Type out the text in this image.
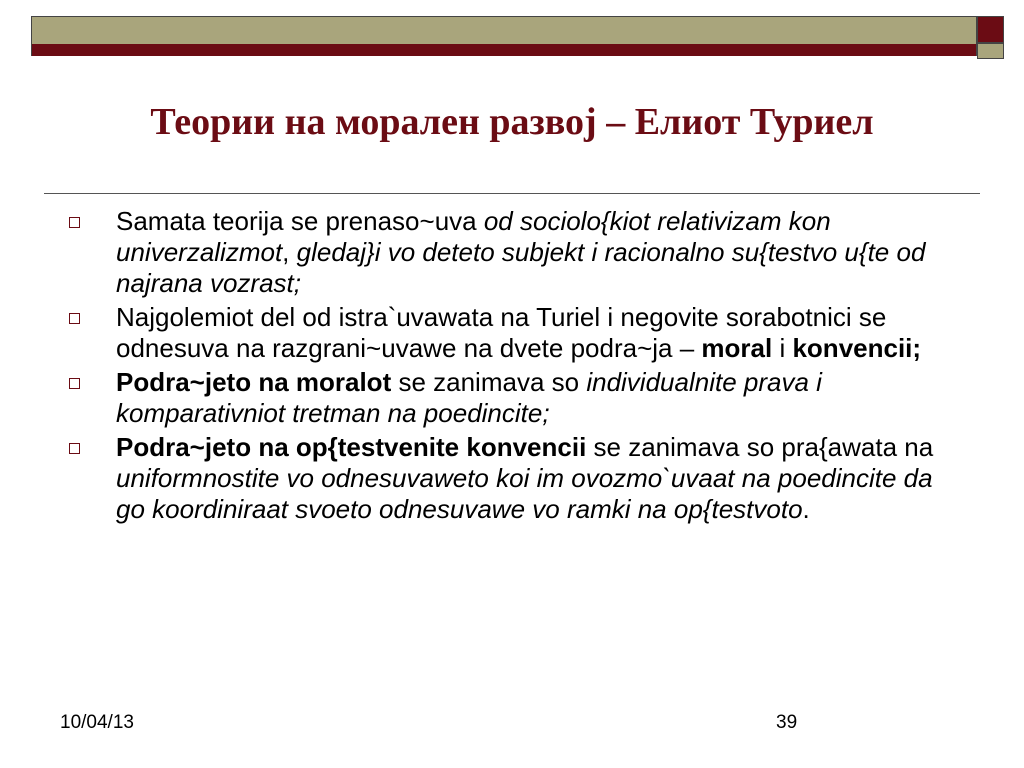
Теории на морален развој – Елиот Туриел
Samata teorija se prenaso~uva od sociolo{kiot relativizam kon univerzalizmot, gledaj}i vo deteto subjekt i racionalno su{testvo u{te od najrana vozrast;
Najgolemiot del od istra`uvawata na Turiel i negovite sorabotnici se odnesuva na razgrani~uvawe na dvete podra~ja – moral i konvencii;
Podra~jeto na moralot se zanimava so individualnite prava i komparativniot tretman na poedincite;
Podra~jeto na op{testvenite konvencii se zanimava so pra{awata na uniformnostite vo odnesuvaweto koi im ovozmo`uvaat na poedincite da go koordiniraat svoeto odnesuvawe vo ramki na op{testvoto.
10/04/13	39
